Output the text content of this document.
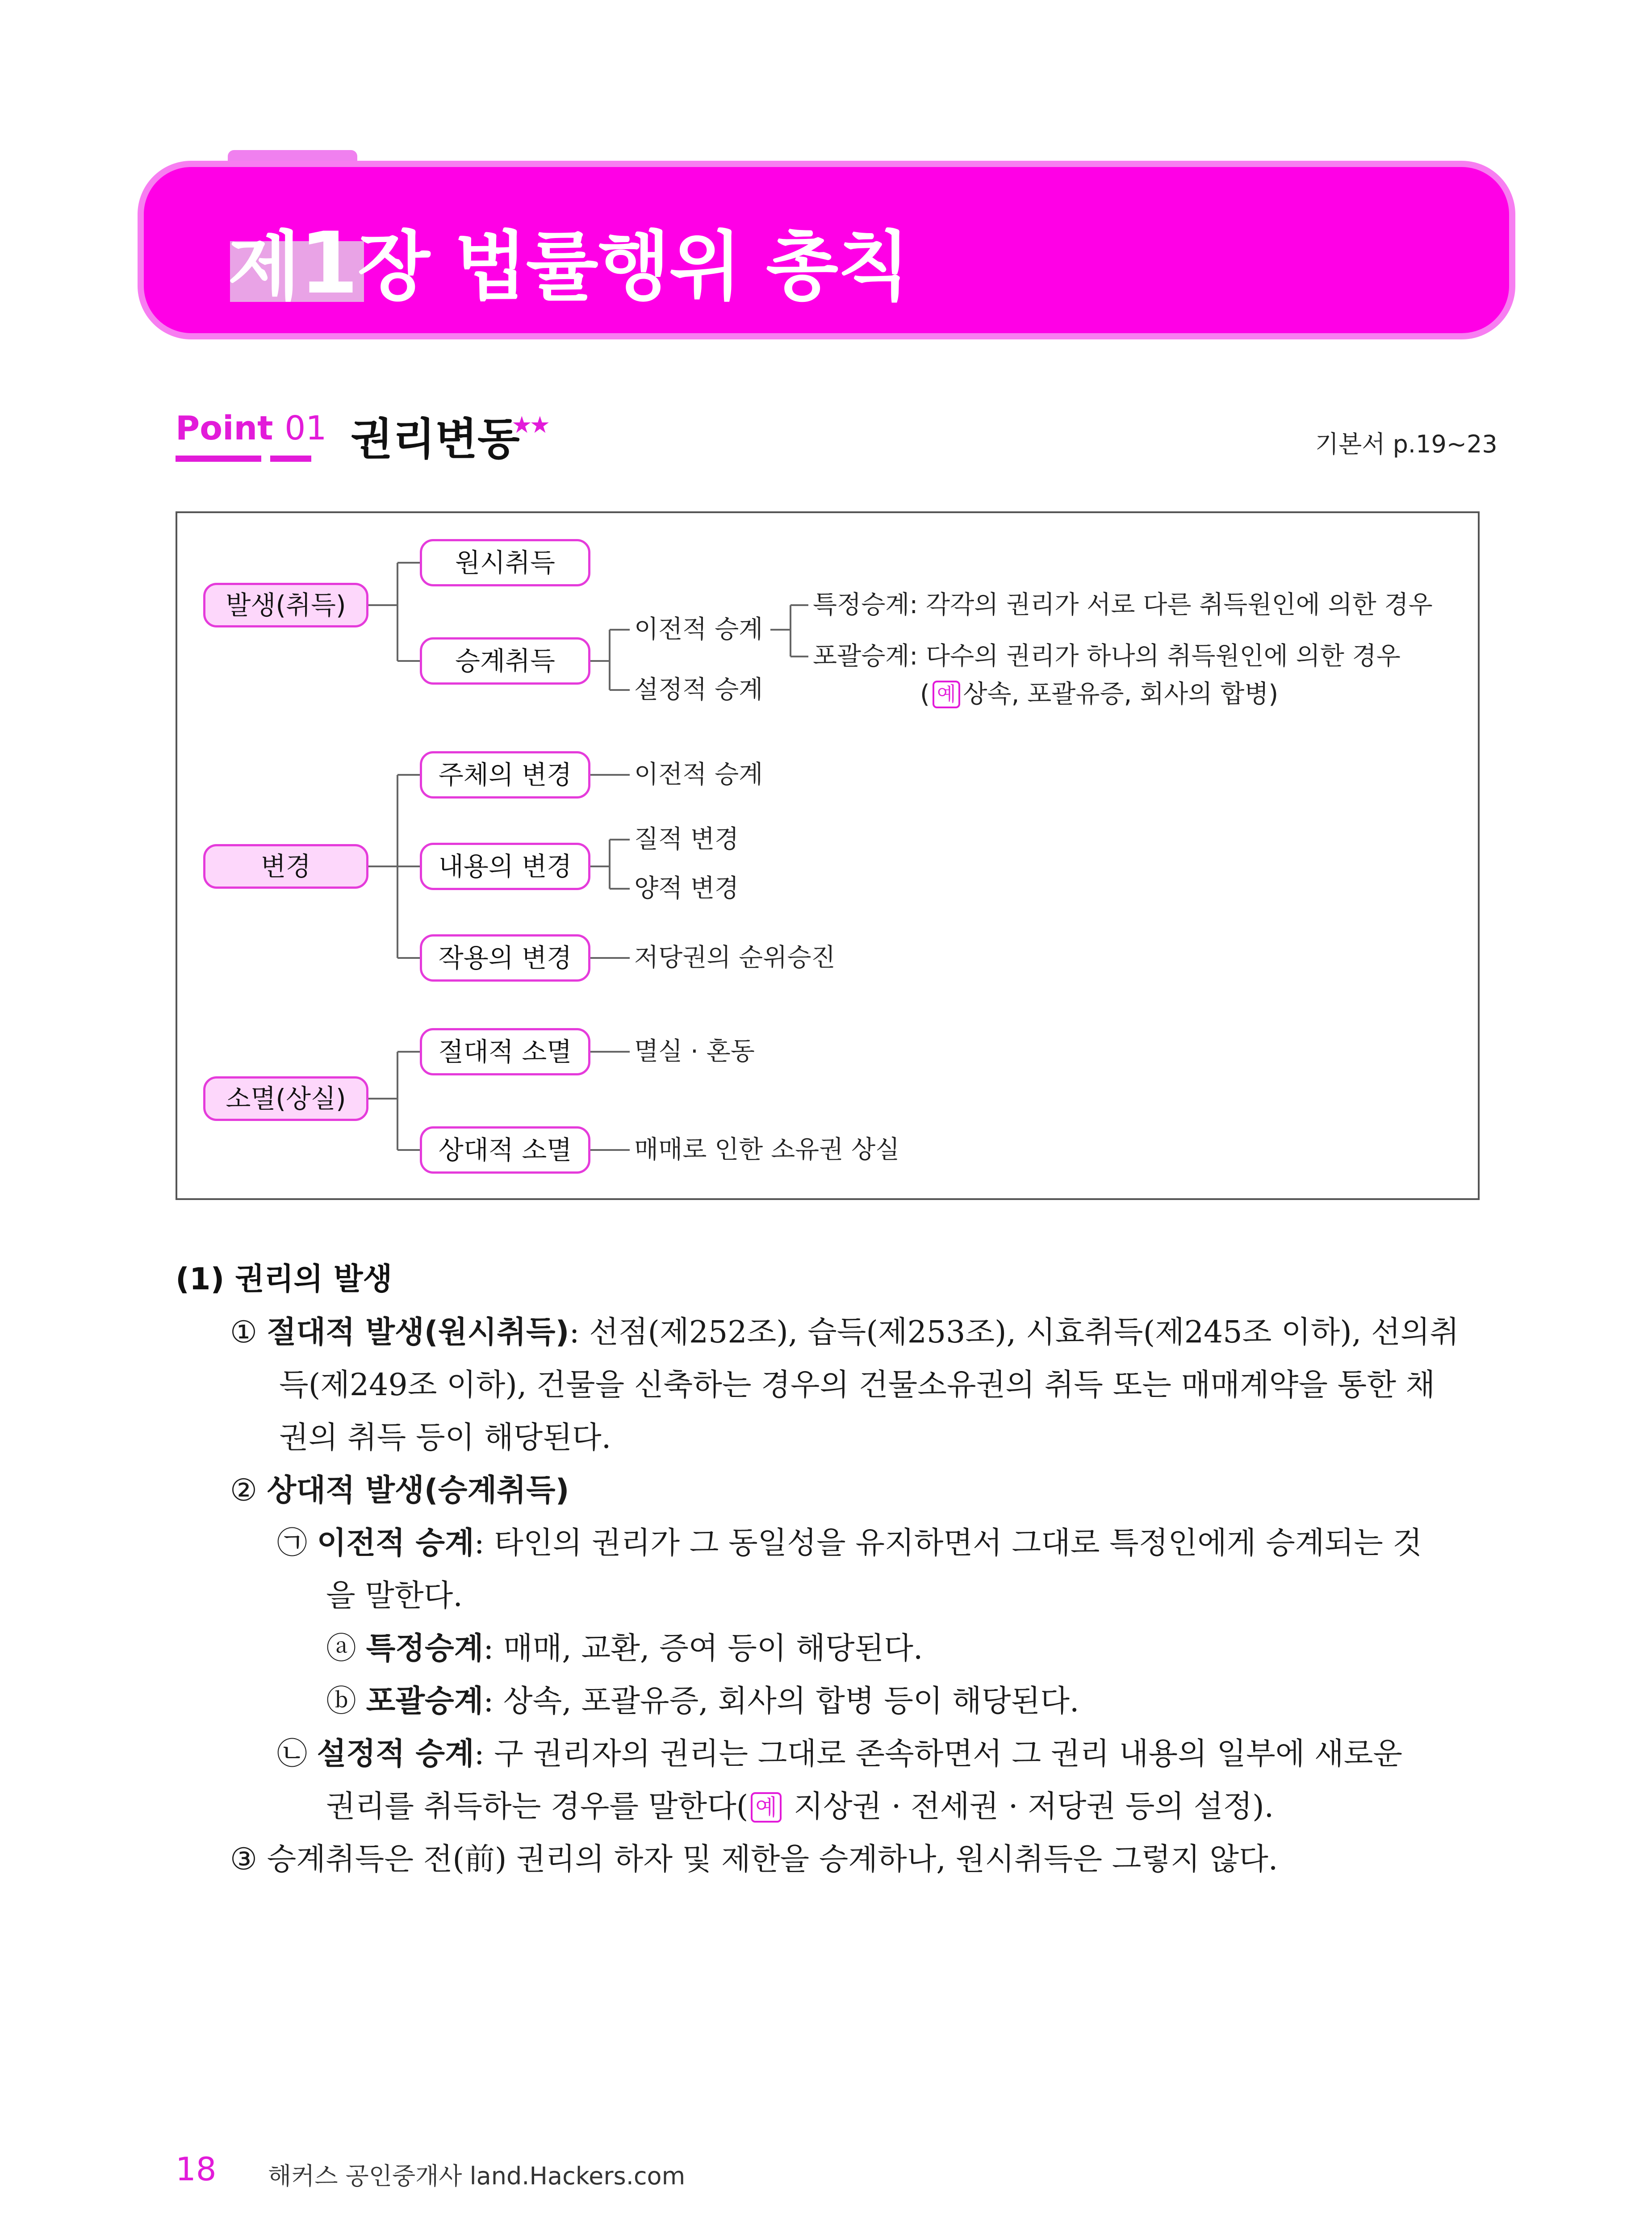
제1장 법률행위 총칙
Point 01 권리변동
★★
기본서 p.19~23
발생(취득)
변경
소멸(상실)
원시취득
승계취득
주체의 변경
내용의 변경
작용의 변경
절대적 소멸
상대적 소멸
이전적 승계
설정적 승계
특정승계: 각각의 권리가 서로 다른 취득원인에 의한 경우
포괄승계: 다수의 권리가 하나의 취득원인에 의한 경우
( 예 상속, 포괄유증, 회사의 합병)
이전적 승계
질적 변경
양적 변경
저당권의 순위승진
멸실 · 혼동
매매로 인한 소유권 상실
(1) 권리의 발생
① 절대적 발생(원시취득): 선점(제252조), 습득(제253조), 시효취득(제245조 이하), 선의취
득(제249조 이하), 건물을 신축하는 경우의 건물소유권의 취득 또는 매매계약을 통한 채
권의 취득 등이 해당된다.
② 상대적 발생(승계취득)
㉠ 이전적 승계: 타인의 권리가 그 동일성을 유지하면서 그대로 특정인에게 승계되는 것
을 말한다.
ⓐ 특정승계: 매매, 교환, 증여 등이 해당된다.
ⓑ 포괄승계: 상속, 포괄유증, 회사의 합병 등이 해당된다.
㉡ 설정적 승계: 구 권리자의 권리는 그대로 존속하면서 그 권리 내용의 일부에 새로운
권리를 취득하는 경우를 말한다( 예 지상권 · 전세권 · 저당권 등의 설정).
③ 승계취득은 전(前) 권리의 하자 및 제한을 승계하나, 원시취득은 그렇지 않다.
18 해커스 공인중개사 land.Hackers.com
